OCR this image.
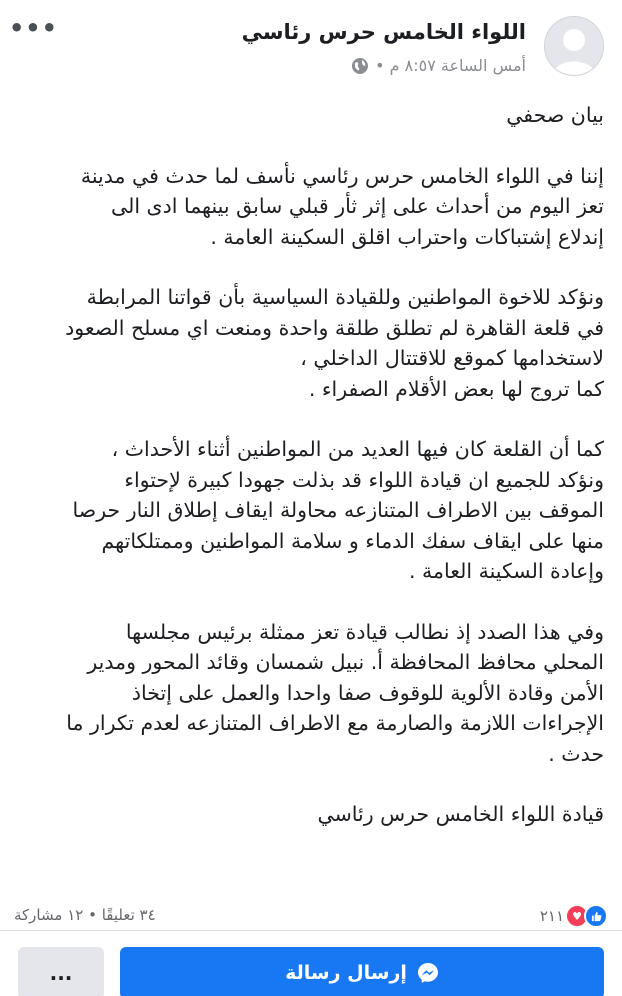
اللواء الخامس حرس رئاسي
أمس الساعة ٨:٥٧ م •
•••

بيان صحفي

إننا في اللواء الخامس حرس رئاسي نأسف لما حدث في مدينة
تعز اليوم من أحداث على إثر ثأر قبلي سابق بينهما ادى الى
إندلاع إشتباكات واحتراب اقلق السكينة العامة .

ونؤكد للاخوة المواطنين وللقيادة السياسية بأن قواتنا المرابطة
في قلعة القاهرة لم تطلق طلقة واحدة ومنعت اي مسلح الصعود
لاستخدامها كموقع للاقتتال الداخلي ،
كما تروج لها بعض الأقلام الصفراء .

كما أن القلعة كان فيها العديد من المواطنين أثناء الأحداث ،
ونؤكد للجميع ان قيادة اللواء قد بذلت جهودا كبيرة لإحتواء
الموقف بين الاطراف المتنازعه محاولة ايقاف إطلاق النار حرصا
منها على ايقاف سفك الدماء و سلامة المواطنين وممتلكاتهم
وإعادة السكينة العامة .

وفي هذا الصدد إذ نطالب قيادة تعز ممثلة برئيس مجلسها
المحلي محافظ المحافظة أ. نبيل شمسان وقائد المحور ومدير
الأمن وقادة الألوية للوقوف صفا واحدا والعمل على إتخاذ
الإجراءات اللازمة والصارمة مع الاطراف المتنازعه لعدم تكرار ما
حدث .

قيادة اللواء الخامس حرس رئاسي

٢١١ ♥
٣٤ تعليقًا • ١٢ مشاركة
إرسال رسالة
...
